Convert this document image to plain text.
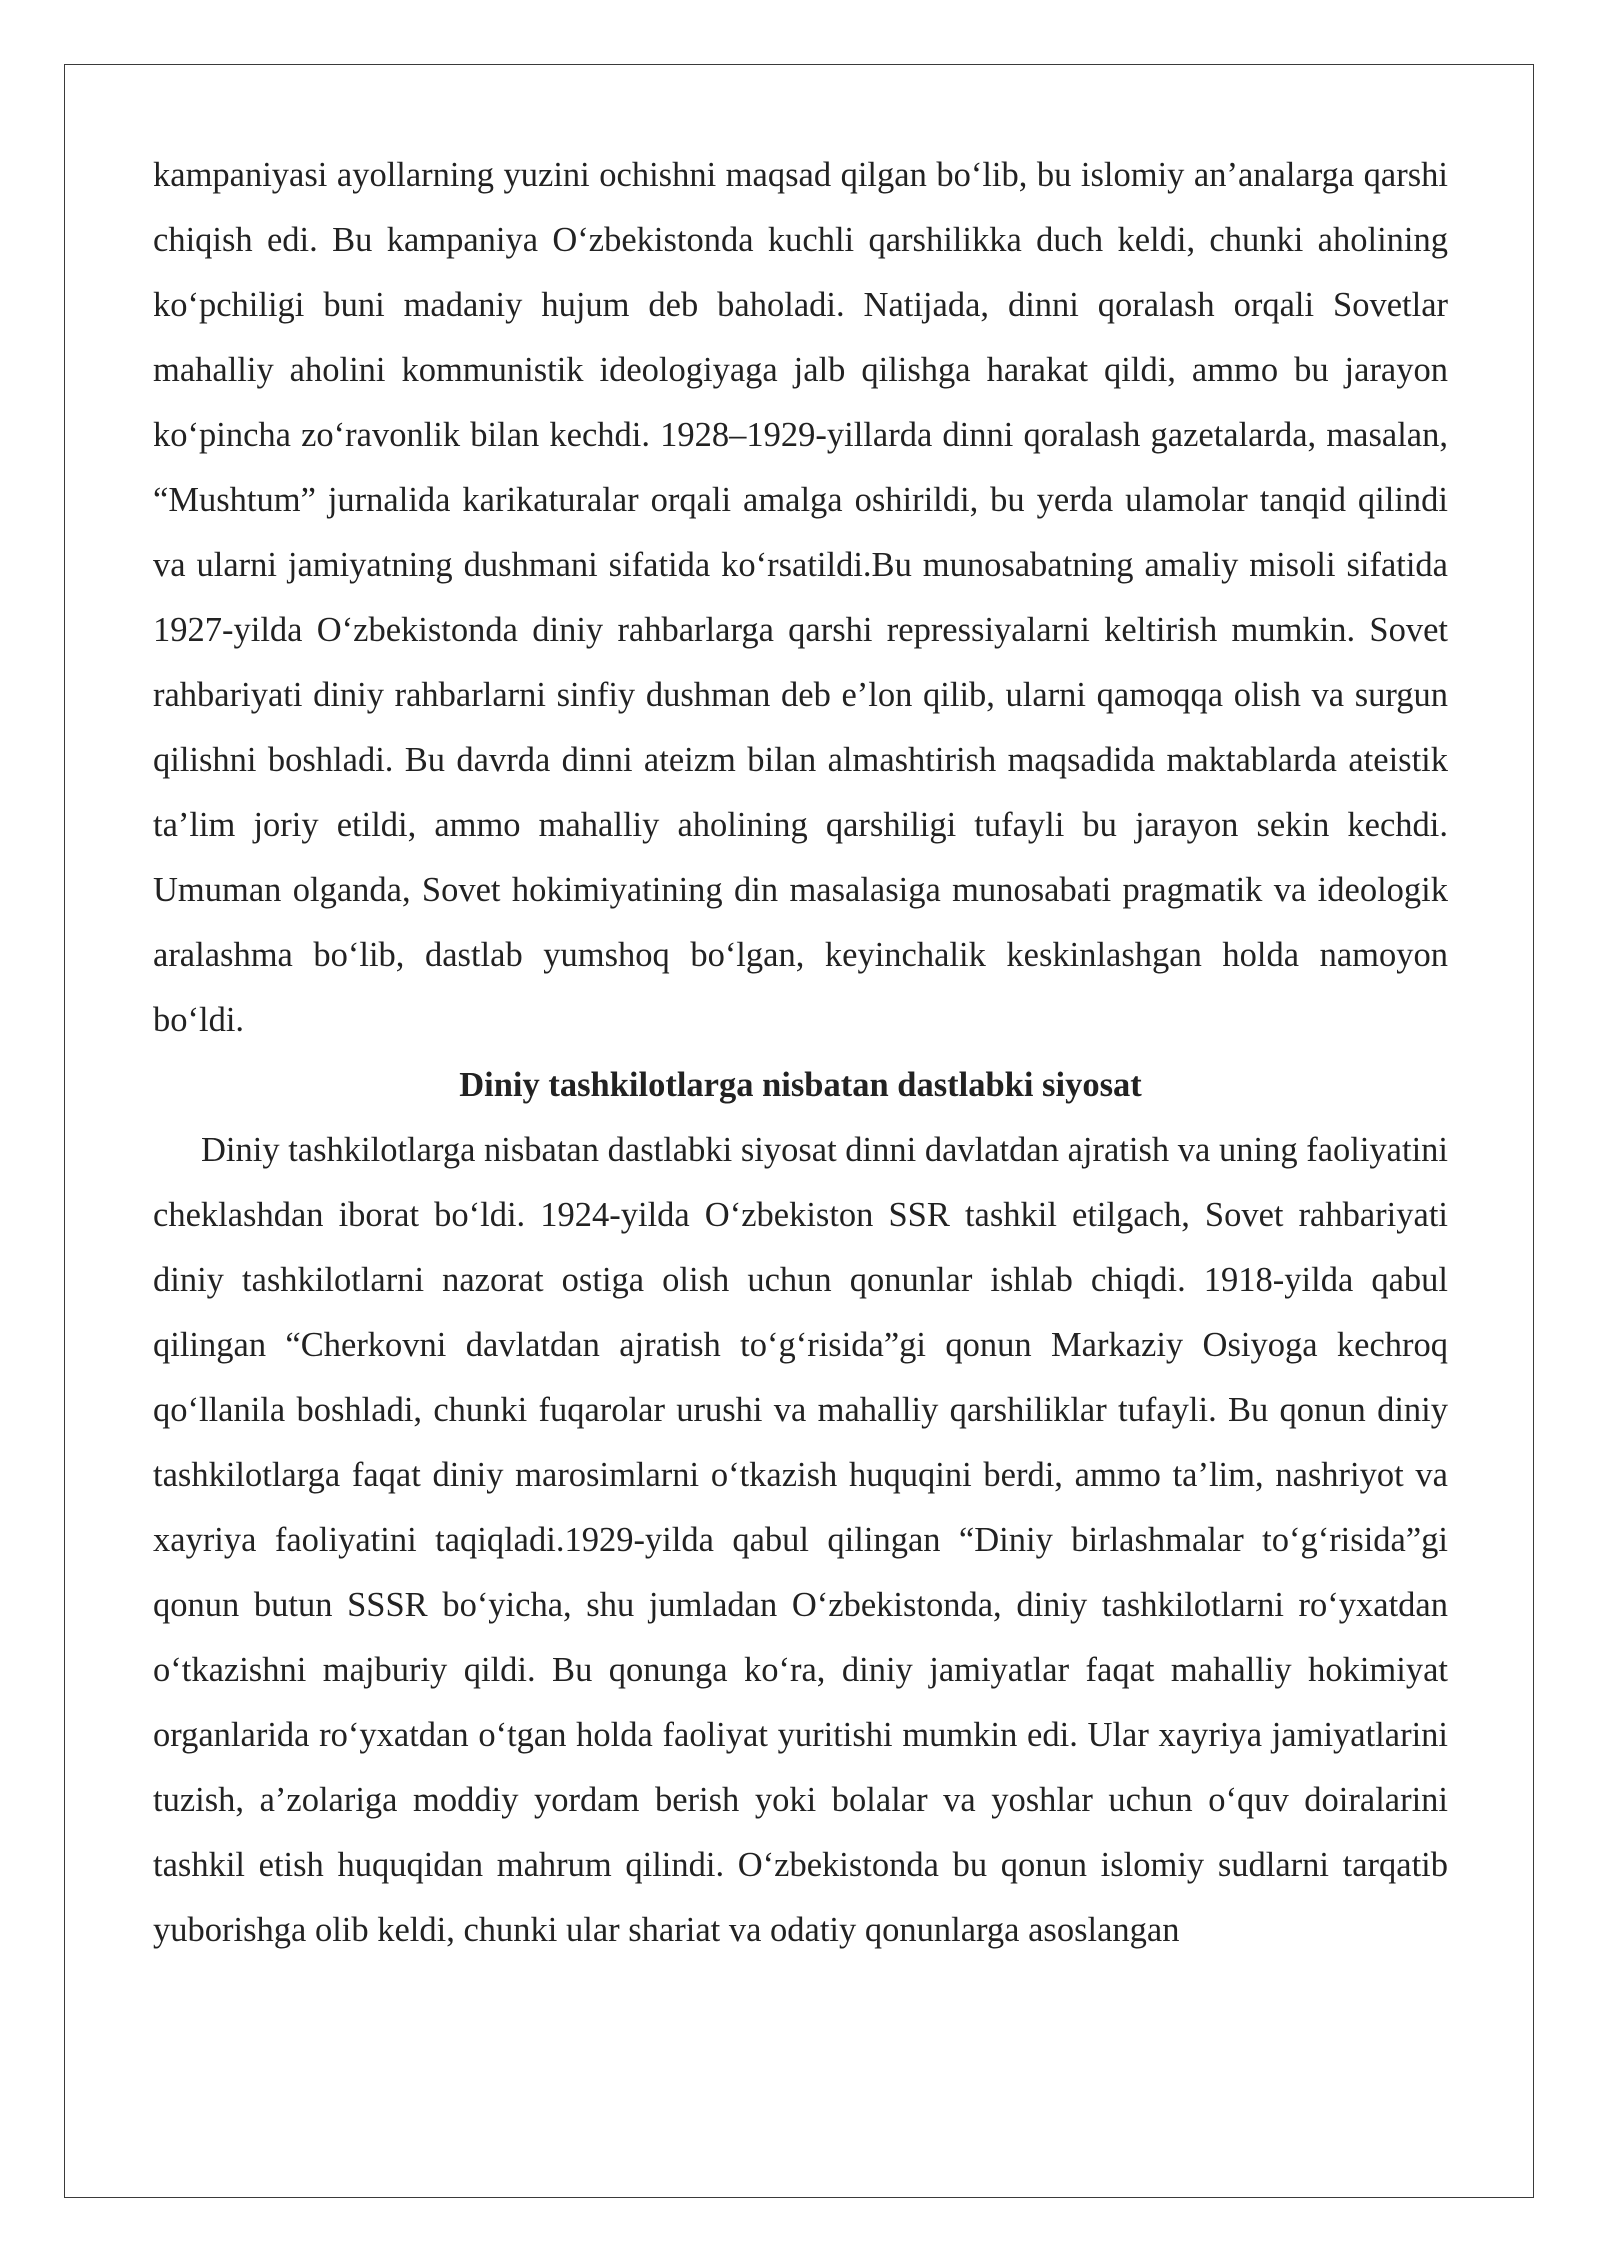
kampaniyasi ayollarning yuzini ochishni maqsad qilgan bo‘lib, bu islomiy an’analarga qarshi chiqish edi. Bu kampaniya O‘zbekistonda kuchli qarshilikka duch keldi, chunki aholining ko‘pchiligi buni madaniy hujum deb baholadi. Natijada, dinni qoralash orqali Sovetlar mahalliy aholini kommunistik ideologiyaga jalb qilishga harakat qildi, ammo bu jarayon ko‘pincha zo‘ravonlik bilan kechdi. 1928–1929-yillarda dinni qoralash gazetalarda, masalan, “Mushtum” jurnalida karikaturalar orqali amalga oshirildi, bu yerda ulamolar tanqid qilindi va ularni jamiyatning dushmani sifatida ko‘rsatildi.Bu munosabatning amaliy misoli sifatida 1927-yilda O‘zbekistonda diniy rahbarlarga qarshi repressiyalarni keltirish mumkin. Sovet rahbariyati diniy rahbarlarni sinfiy dushman deb e’lon qilib, ularni qamoqqa olish va surgun qilishni boshladi. Bu davrda dinni ateizm bilan almashtirish maqsadida maktablarda ateistik ta’lim joriy etildi, ammo mahalliy aholining qarshiligi tufayli bu jarayon sekin kechdi. Umuman olganda, Sovet hokimiyatining din masalasiga munosabati pragmatik va ideologik aralashma bo‘lib, dastlab yumshoq bo‘lgan, keyinchalik keskinlashgan holda namoyon bo‘ldi.

Diniy tashkilotlarga nisbatan dastlabki siyosat

Diniy tashkilotlarga nisbatan dastlabki siyosat dinni davlatdan ajratish va uning faoliyatini cheklashdan iborat bo‘ldi. 1924-yilda O‘zbekiston SSR tashkil etilgach, Sovet rahbariyati diniy tashkilotlarni nazorat ostiga olish uchun qonunlar ishlab chiqdi. 1918-yilda qabul qilingan “Cherkovni davlatdan ajratish to‘g‘risida”gi qonun Markaziy Osiyoga kechroq qo‘llanila boshladi, chunki fuqarolar urushi va mahalliy qarshiliklar tufayli. Bu qonun diniy tashkilotlarga faqat diniy marosimlarni o‘tkazish huquqini berdi, ammo ta’lim, nashriyot va xayriya faoliyatini taqiqladi.1929-yilda qabul qilingan “Diniy birlashmalar to‘g‘risida”gi qonun butun SSSR bo‘yicha, shu jumladan O‘zbekistonda, diniy tashkilotlarni ro‘yxatdan o‘tkazishni majburiy qildi. Bu qonunga ko‘ra, diniy jamiyatlar faqat mahalliy hokimiyat organlarida ro‘yxatdan o‘tgan holda faoliyat yuritishi mumkin edi. Ular xayriya jamiyatlarini tuzish, a’zolariga moddiy yordam berish yoki bolalar va yoshlar uchun o‘quv doiralarini tashkil etish huquqidan mahrum qilindi. O‘zbekistonda bu qonun islomiy sudlarni tarqatib yuborishga olib keldi, chunki ular shariat va odatiy qonunlarga asoslangan
